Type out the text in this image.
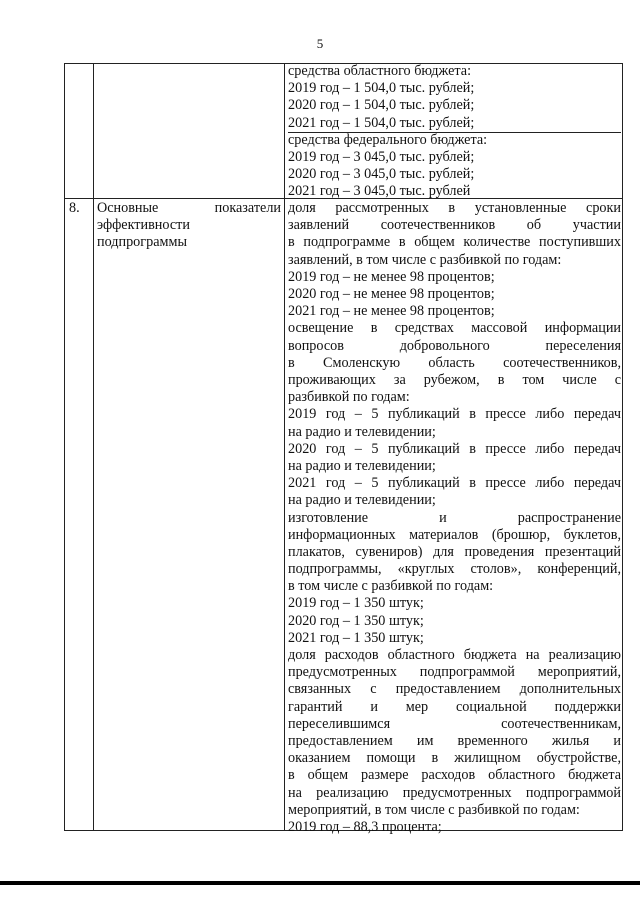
5
средства областного бюджета:
2019 год – 1 504,0 тыс. рублей;
2020 год – 1 504,0 тыс. рублей;
2021 год – 1 504,0 тыс. рублей;
средства федерального бюджета:
2019 год – 3 045,0 тыс. рублей;
2020 год – 3 045,0 тыс. рублей;
2021 год – 3 045,0 тыс. рублей
8. Основные показатели
эффективности
подпрограммы
доля рассмотренных в установленные сроки
заявлений соотечественников об участии
в подпрограмме в общем количестве поступивших
заявлений, в том числе с разбивкой по годам:
2019 год – не менее 98 процентов;
2020 год – не менее 98 процентов;
2021 год – не менее 98 процентов;
освещение в средствах массовой информации
вопросов добровольного переселения
в Смоленскую область соотечественников,
проживающих за рубежом, в том числе с
разбивкой по годам:
2019 год – 5 публикаций в прессе либо передач
на радио и телевидении;
2020 год – 5 публикаций в прессе либо передач
на радио и телевидении;
2021 год – 5 публикаций в прессе либо передач
на радио и телевидении;
изготовление и распространение
информационных материалов (брошюр, буклетов,
плакатов, сувениров) для проведения презентаций
подпрограммы, «круглых столов», конференций,
в том числе с разбивкой по годам:
2019 год – 1 350 штук;
2020 год – 1 350 штук;
2021 год – 1 350 штук;
доля расходов областного бюджета на реализацию
предусмотренных подпрограммой мероприятий,
связанных с предоставлением дополнительных
гарантий и мер социальной поддержки
переселившимся соотечественникам,
предоставлением им временного жилья и
оказанием помощи в жилищном обустройстве,
в общем размере расходов областного бюджета
на реализацию предусмотренных подпрограммой
мероприятий, в том числе с разбивкой по годам:
2019 год – 88,3 процента;
